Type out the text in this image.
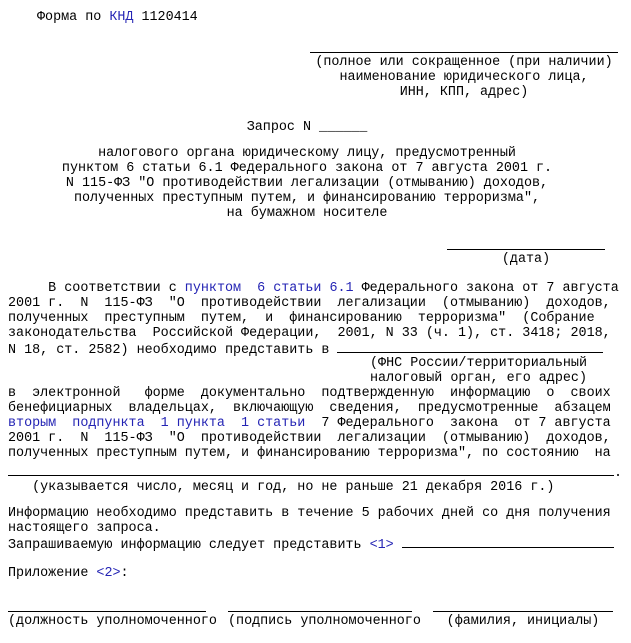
Форма по КНД 1120414
(полное или сокращенное (при наличии)
наименование юридического лица,
ИНН, КПП, адрес)
Запрос N ______
налогового органа юридическому лицу, предусмотренный
пунктом 6 статьи 6.1 Федерального закона от 7 августа 2001 г.
N 115-ФЗ "О противодействии легализации (отмыванию) доходов,
полученных преступным путем, и финансированию терроризма",
на бумажном носителе
(дата)
В соответствии с пунктом  6 статьи 6.1 Федерального закона от 7 августа
2001 г.  N  115-ФЗ  "О  противодействии  легализации  (отмыванию)  доходов,
полученных  преступным  путем,  и  финансированию  терроризма"  (Собрание
законодательства  Российской Федерации,  2001, N 33 (ч. 1), ст. 3418; 2018,
N 18, ст. 2582) необходимо представить в
(ФНС России/территориальный
налоговый орган, его адрес)
в  электронной   форме  документально  подтвержденную  информацию  о  своих
бенефициарных  владельцах,  включающую  сведения,  предусмотренные  абзацем
вторым  подпункта  1 пункта  1 статьи  7 Федерального  закона  от 7 августа
2001 г.  N  115-ФЗ  "О  противодействии  легализации  (отмыванию)  доходов,
полученных преступным путем, и финансированию терроризма", по состоянию  на
.
(указывается число, месяц и год, но не раньше 21 декабря 2016 г.)
Информацию необходимо представить в течение 5 рабочих дней со дня получения
настоящего запроса.
Запрашиваемую информацию следует представить <1>
Приложение <2>:
(должность уполномоченного (подпись уполномоченного	(фамилия, инициалы)
